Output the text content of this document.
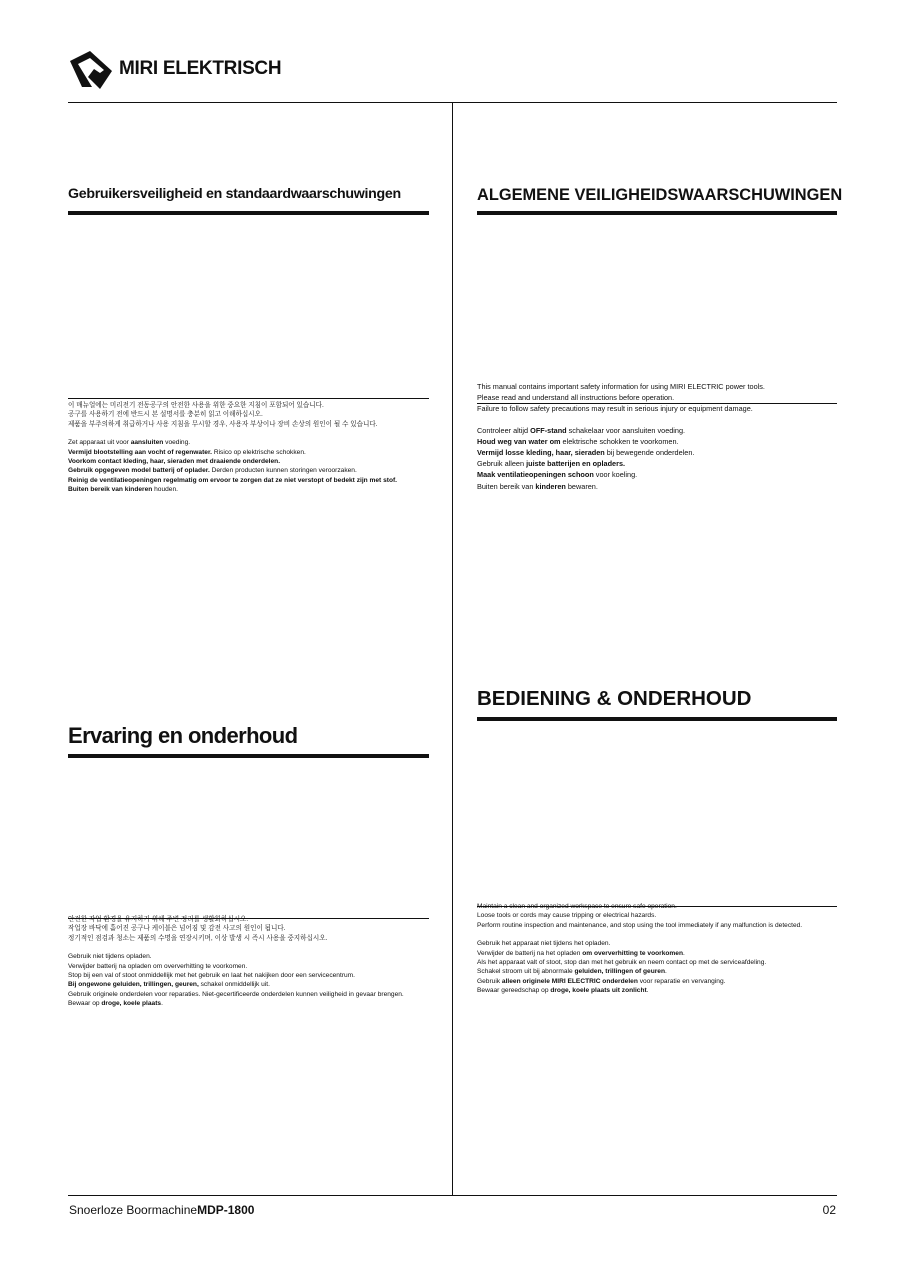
MIRI ELEKTRISCH
Gebruikersveiligheid en standaardwaarschuwingen
이 매뉴얼에는 미리전기 전동공구의 안전한 사용을 위한 중요한 지침이 포함되어 있습니다.
공구를 사용하기 전에 반드시 본 설명서를 충분히 읽고 이해하십시오.
제품을 부주의하게 취급하거나 사용 지침을 무시할 경우, 사용자 부상이나 장비 손상의 원인이 될 수 있습니다.
Zet apparaat uit voor aansluiten voeding.
Vermijd blootstelling aan vocht of regenwater. Risico op elektrische schokken.
Voorkom contact kleding, haar, sieraden met draaiende onderdelen.
Gebruik opgegeven model batterij of oplader. Derden producten kunnen storingen veroorzaken.
Reinig de ventilatieopeningen regelmatig om ervoor te zorgen dat ze niet verstopt of bedekt zijn met stof.
Buiten bereik van kinderen houden.
ALGEMENE VEILIGHEIDSWAARSCHUWINGEN
This manual contains important safety information for using MIRI ELECTRIC power tools.
Please read and understand all instructions before operation.
Failure to follow safety precautions may result in serious injury or equipment damage.
Controleer altijd OFF-stand schakelaar voor aansluiten voeding.
Houd weg van water om elektrische schokken te voorkomen.
Vermijd losse kleding, haar, sieraden bij bewegende onderdelen.
Gebruik alleen juiste batterijen en opladers.
Maak ventilatieopeningen schoon voor koeling.
Buiten bereik van kinderen bewaren.
Ervaring en onderhoud
안전한 작업 환경을 유지하기 위해 주변 정리를 생활화하십시오.
작업장 바닥에 흩어진 공구나 케이블은 넘어짐 및 감전 사고의 원인이 됩니다.
정기적인 점검과 청소는 제품의 수명을 연장시키며, 이상 발생 시 즉시 사용을 중지하십시오.
Gebruik niet tijdens opladen.
Verwijder batterij na opladen om oververhitting te voorkomen.
Stop bij een val of stoot onmiddellijk met het gebruik en laat het nakijken door een servicecentrum.
Bij ongewone geluiden, trillingen, geuren, schakel onmiddellijk uit.
Gebruik originele onderdelen voor reparaties. Niet-gecertificeerde onderdelen kunnen veiligheid in gevaar brengen.
Bewaar op droge, koele plaats.
BEDIENING & ONDERHOUD
Maintain a clean and organized workspace to ensure safe operation.
Loose tools or cords may cause tripping or electrical hazards.
Perform routine inspection and maintenance, and stop using the tool immediately if any malfunction is detected.
Gebruik het apparaat niet tijdens het opladen.
Verwijder de batterij na het opladen om oververhitting te voorkomen.
Als het apparaat valt of stoot, stop dan met het gebruik en neem contact op met de serviceafdeling.
Schakel stroom uit bij abnormale geluiden, trillingen of geuren.
Gebruik alleen originele MIRI ELECTRIC onderdelen voor reparatie en vervanging.
Bewaar gereedschap op droge, koele plaats uit zonlicht.
Snoerloze BoormachineMDP-1800	02
